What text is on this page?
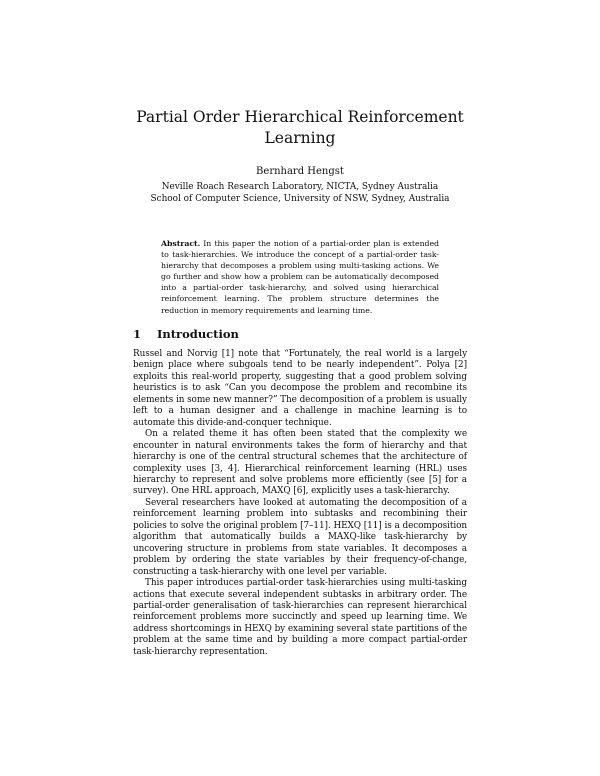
Partial Order Hierarchical Reinforcement Learning
Bernhard Hengst
Neville Roach Research Laboratory, NICTA, Sydney Australia
School of Computer Science, University of NSW, Sydney, Australia

Abstract. In this paper the notion of a partial-order plan is extended to task-hierarchies. We introduce the concept of a partial-order task-hierarchy that decomposes a problem using multi-tasking actions. We go further and show how a problem can be automatically decomposed into a partial-order task-hierarchy, and solved using hierarchical reinforcement learning. The problem structure determines the reduction in memory requirements and learning time.

1 Introduction

Russel and Norvig [1] note that “Fortunately, the real world is a largely benign place where subgoals tend to be nearly independent”. Polya [2] exploits this real-world property, suggesting that a good problem solving heuristics is to ask “Can you decompose the problem and recombine its elements in some new manner?” The decomposition of a problem is usually left to a human designer and a challenge in machine learning is to automate this divide-and-conquer technique.

On a related theme it has often been stated that the complexity we encounter in natural environments takes the form of hierarchy and that hierarchy is one of the central structural schemes that the architecture of complexity uses [3, 4]. Hierarchical reinforcement learning (HRL) uses hierarchy to represent and solve problems more efficiently (see [5] for a survey). One HRL approach, MAXQ [6], explicitly uses a task-hierarchy.

Several researchers have looked at automating the decomposition of a reinforcement learning problem into subtasks and recombining their policies to solve the original problem [7–11]. HEXQ [11] is a decomposition algorithm that automatically builds a MAXQ-like task-hierarchy by uncovering structure in problems from state variables. It decomposes a problem by ordering the state variables by their frequency-of-change, constructing a task-hierarchy with one level per variable.

This paper introduces partial-order task-hierarchies using multi-tasking actions that execute several independent subtasks in arbitrary order. The partial-order generalisation of task-hierarchies can represent hierarchical reinforcement problems more succinctly and speed up learning time. We address shortcomings in HEXQ by examining several state partitions of the problem at the same time and by building a more compact partial-order task-hierarchy representation.
